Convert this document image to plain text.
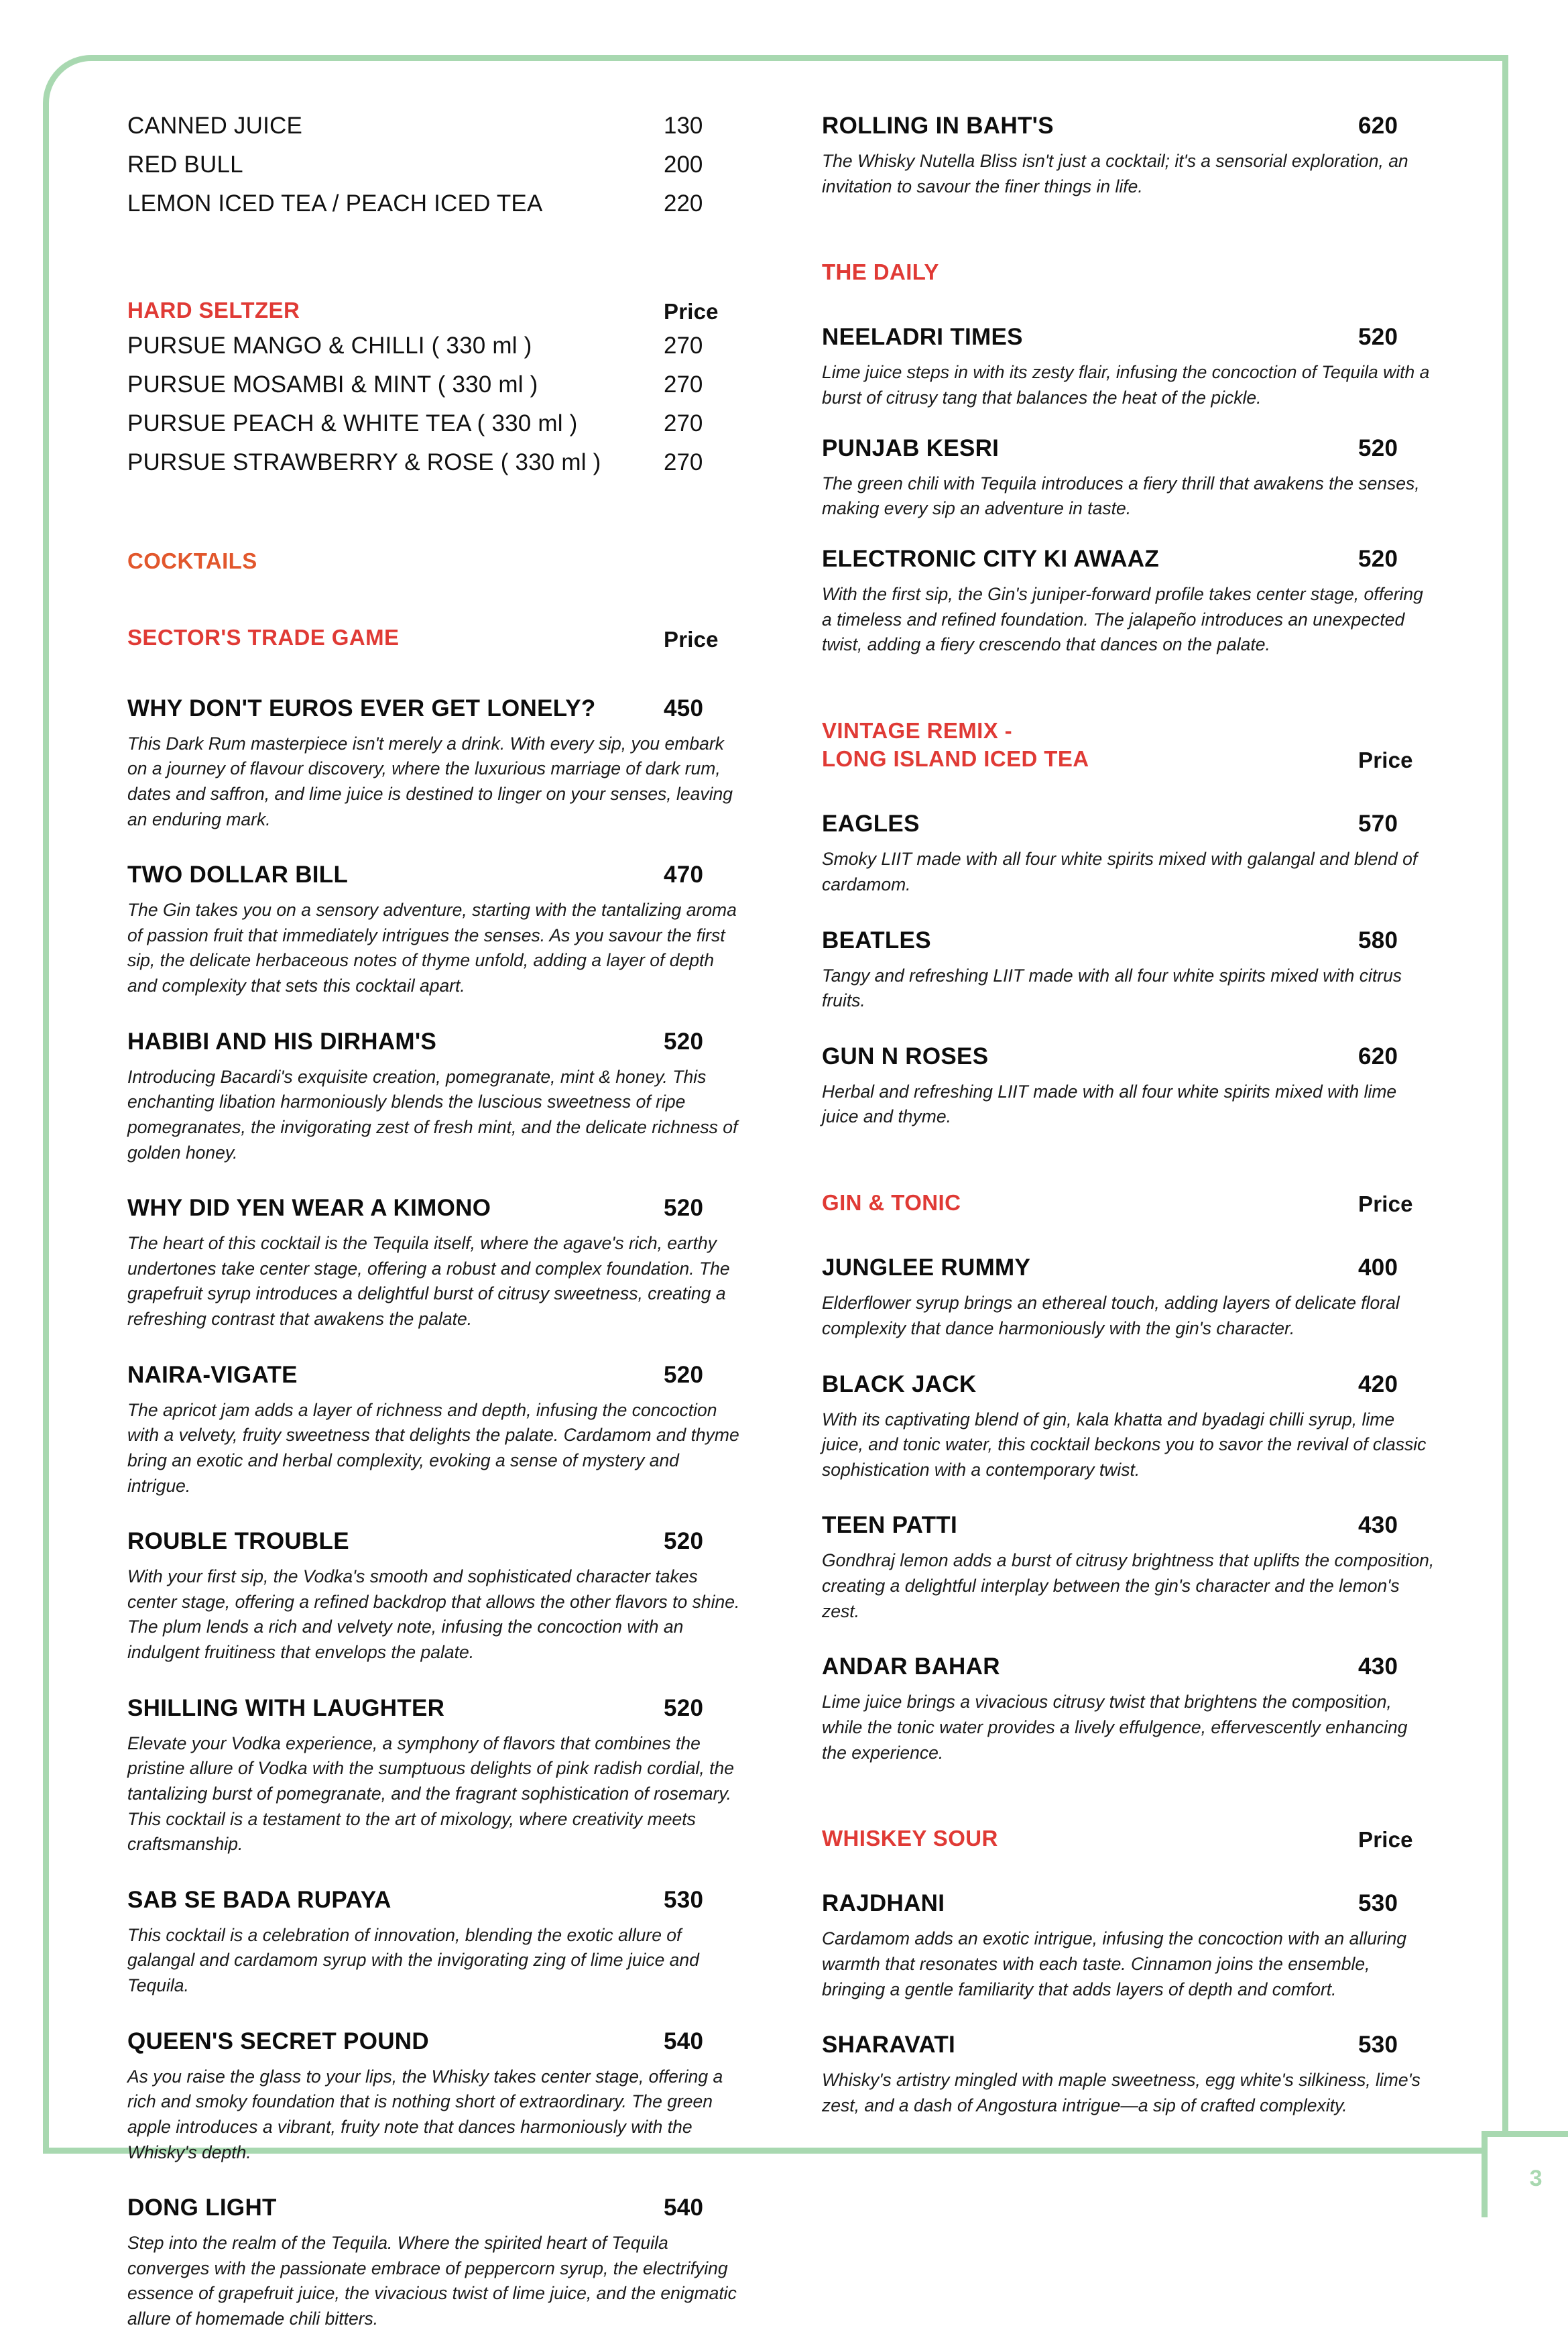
3
CANNED JUICE	130
RED BULL	200
LEMON ICED TEA / PEACH ICED TEA	220
HARD SELTZER	Price
PURSUE MANGO & CHILLI ( 330 ml )	270
PURSUE MOSAMBI & MINT ( 330 ml )	270
PURSUE PEACH & WHITE TEA ( 330 ml )	270
PURSUE STRAWBERRY & ROSE ( 330 ml )	270
COCKTAILS
SECTOR'S TRADE GAME	Price
WHY DON'T EUROS EVER GET LONELY?	450
This Dark Rum masterpiece isn't merely a drink. With every sip, you embark on a journey of flavour discovery, where the luxurious marriage of dark rum, dates and saffron, and lime juice is destined to linger on your senses, leaving an enduring mark.
TWO DOLLAR BILL	470
The Gin takes you on a sensory adventure, starting with the tantalizing aroma of passion fruit that immediately intrigues the senses. As you savour the first sip, the delicate herbaceous notes of thyme unfold, adding a layer of depth and complexity that sets this cocktail apart.
HABIBI AND HIS DIRHAM'S	520
Introducing Bacardi's exquisite creation, pomegranate, mint & honey. This enchanting libation harmoniously blends the luscious sweetness of ripe pomegranates, the invigorating zest of fresh mint, and the delicate richness of golden honey.
WHY DID YEN WEAR A KIMONO	520
The heart of this cocktail is the Tequila itself, where the agave's rich, earthy undertones take center stage, offering a robust and complex foundation. The grapefruit syrup introduces a delightful burst of citrusy sweetness, creating a refreshing contrast that awakens the palate.
NAIRA-VIGATE	520
The apricot jam adds a layer of richness and depth, infusing the concoction with a velvety, fruity sweetness that delights the palate. Cardamom and thyme bring an exotic and herbal complexity, evoking a sense of mystery and intrigue.
ROUBLE TROUBLE	520
With your first sip, the Vodka's smooth and sophisticated character takes center stage, offering a refined backdrop that allows the other flavors to shine. The plum lends a rich and velvety note, infusing the concoction with an indulgent fruitiness that envelops the palate.
SHILLING WITH LAUGHTER	520
Elevate your Vodka experience, a symphony of flavors that combines the pristine allure of Vodka with the sumptuous delights of pink radish cordial, the tantalizing burst of pomegranate, and the fragrant sophistication of rosemary. This cocktail is a testament to the art of mixology, where creativity meets craftsmanship.
SAB SE BADA RUPAYA	530
This cocktail is a celebration of innovation, blending the exotic allure of galangal and cardamom syrup with the invigorating zing of lime juice and Tequila.
QUEEN'S SECRET POUND	540
As you raise the glass to your lips, the Whisky takes center stage, offering a rich and smoky foundation that is nothing short of extraordinary. The green apple introduces a vibrant, fruity note that dances harmoniously with the Whisky's depth.
DONG LIGHT	540
Step into the realm of the Tequila. Where the spirited heart of Tequila converges with the passionate embrace of peppercorn syrup, the electrifying essence of grapefruit juice, the vivacious twist of lime juice, and the enigmatic allure of homemade chili bitters.
ROLLING IN BAHT'S	620
The Whisky Nutella Bliss isn't just a cocktail; it's a sensorial exploration, an invitation to savour the finer things in life.
THE DAILY
NEELADRI TIMES	520
Lime juice steps in with its zesty flair, infusing the concoction of Tequila with a burst of citrusy tang that balances the heat of the pickle.
PUNJAB KESRI	520
The green chili with Tequila introduces a fiery thrill that awakens the senses, making every sip an adventure in taste.
ELECTRONIC CITY KI AWAAZ	520
With the first sip, the Gin's juniper-forward profile takes center stage, offering a timeless and refined foundation. The jalapeño introduces an unexpected twist, adding a fiery crescendo that dances on the palate.
VINTAGE REMIX -
LONG ISLAND ICED TEA	Price
EAGLES	570
Smoky LIIT made with all four white spirits mixed with galangal and blend of cardamom.
BEATLES	580
Tangy and refreshing LIIT made with all four white spirits mixed with citrus fruits.
GUN N ROSES	620
Herbal and refreshing LIIT made with all four white spirits mixed with lime juice and thyme.
GIN & TONIC	Price
JUNGLEE RUMMY	400
Elderflower syrup brings an ethereal touch, adding layers of delicate floral complexity that dance harmoniously with the gin's character.
BLACK JACK	420
With its captivating blend of gin, kala khatta and byadagi chilli syrup, lime juice, and tonic water, this cocktail beckons you to savor the revival of classic sophistication with a contemporary twist.
TEEN PATTI	430
Gondhraj lemon adds a burst of citrusy brightness that uplifts the composition, creating a delightful interplay between the gin's character and the lemon's zest.
ANDAR BAHAR	430
Lime juice brings a vivacious citrusy twist that brightens the composition, while the tonic water provides a lively effulgence, effervescently enhancing the experience.
WHISKEY SOUR	Price
RAJDHANI	530
Cardamom adds an exotic intrigue, infusing the concoction with an alluring warmth that resonates with each taste. Cinnamon joins the ensemble, bringing a gentle familiarity that adds layers of depth and comfort.
SHARAVATI	530
Whisky's artistry mingled with maple sweetness, egg white's silkiness, lime's zest, and a dash of Angostura intrigue—a sip of crafted complexity.
